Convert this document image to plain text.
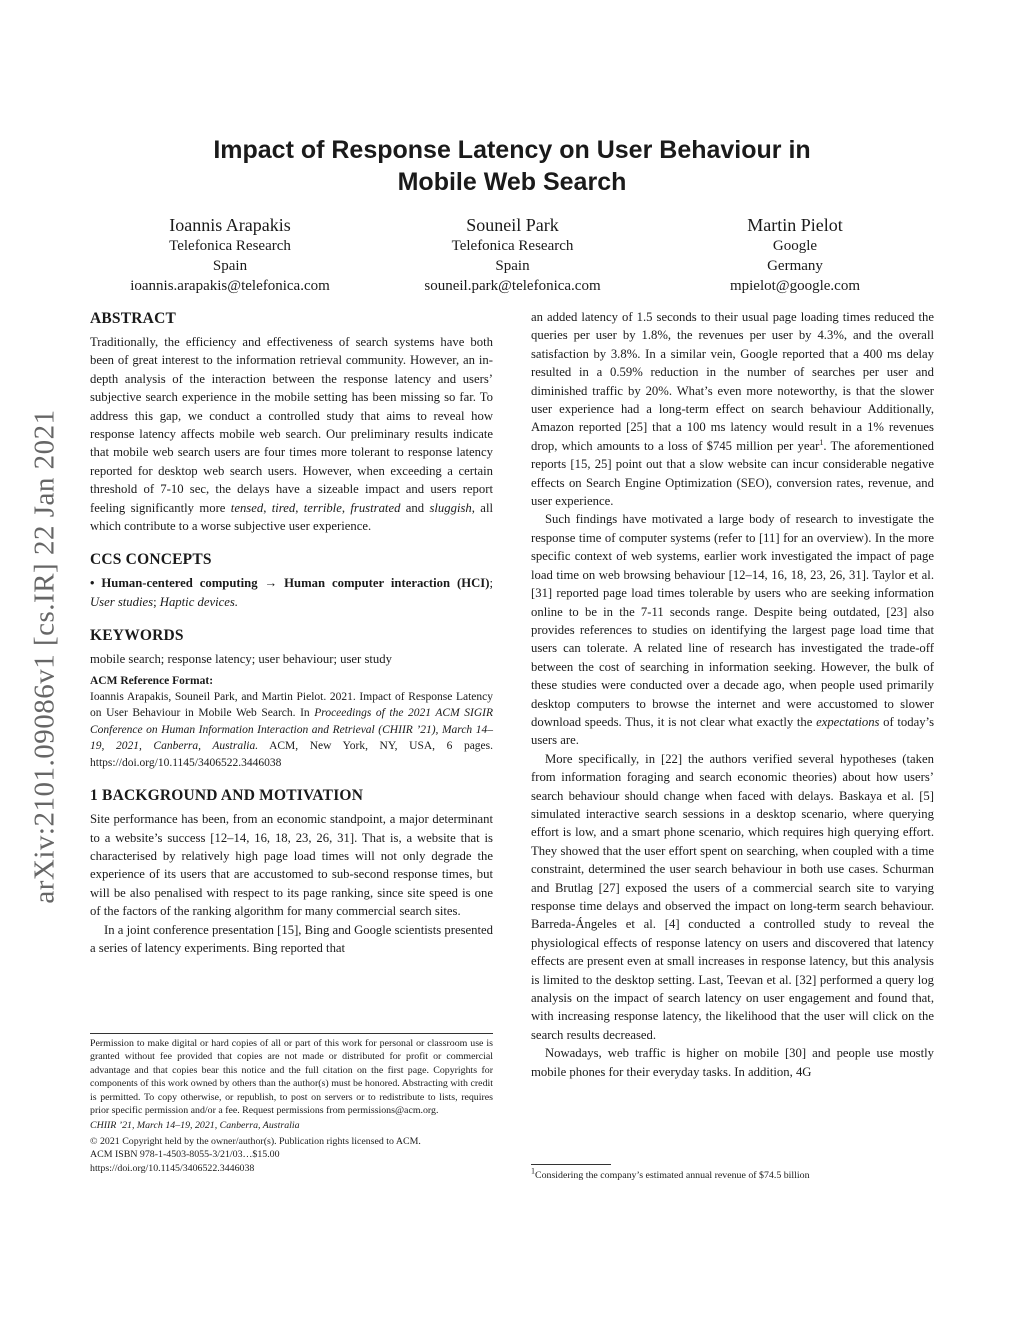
arXiv:2101.09086v1 [cs.IR] 22 Jan 2021
Impact of Response Latency on User Behaviour in
Mobile Web Search
Ioannis Arapakis
Telefonica Research
Spain
ioannis.arapakis@telefonica.com
Souneil Park
Telefonica Research
Spain
souneil.park@telefonica.com
Martin Pielot
Google
Germany
mpielot@google.com
ABSTRACT

Traditionally, the efficiency and effectiveness of search systems have both been of great interest to the information retrieval community. However, an in-depth analysis of the interaction between the response latency and users’ subjective search experience in the mobile setting has been missing so far. To address this gap, we conduct a controlled study that aims to reveal how response latency affects mobile web search. Our preliminary results indicate that mobile web search users are four times more tolerant to response latency reported for desktop web search users. However, when exceeding a certain threshold of 7-10 sec, the delays have a sizeable impact and users report feeling significantly more tensed, tired, terrible, frustrated and sluggish, all which contribute to a worse subjective user experience.

CCS CONCEPTS

• Human-centered computing → Human computer interaction (HCI); User studies; Haptic devices.

KEYWORDS

mobile search; response latency; user behaviour; user study

ACM Reference Format:

Ioannis Arapakis, Souneil Park, and Martin Pielot. 2021. Impact of Response Latency on User Behaviour in Mobile Web Search. In Proceedings of the 2021 ACM SIGIR Conference on Human Information Interaction and Retrieval (CHIIR ’21), March 14–19, 2021, Canberra, Australia. ACM, New York, NY, USA, 6 pages. https://doi.org/10.1145/3406522.3446038

1 BACKGROUND AND MOTIVATION

Site performance has been, from an economic standpoint, a major determinant to a website’s success [12–14, 16, 18, 23, 26, 31]. That is, a website that is characterised by relatively high page load times will not only degrade the experience of its users that are accustomed to sub-second response times, but will be also penalised with respect to its page ranking, since site speed is one of the factors of the ranking algorithm for many commercial search sites.

In a joint conference presentation [15], Bing and Google scientists presented a series of latency experiments. Bing reported that

Permission to make digital or hard copies of all or part of this work for personal or classroom use is granted without fee provided that copies are not made or distributed for profit or commercial advantage and that copies bear this notice and the full citation on the first page. Copyrights for components of this work owned by others than the author(s) must be honored. Abstracting with credit is permitted. To copy otherwise, or republish, to post on servers or to redistribute to lists, requires prior specific permission and/or a fee. Request permissions from permissions@acm.org.

CHIIR ’21, March 14–19, 2021, Canberra, Australia

© 2021 Copyright held by the owner/author(s). Publication rights licensed to ACM.

ACM ISBN 978-1-4503-8055-3/21/03…$15.00

https://doi.org/10.1145/3406522.3446038

an added latency of 1.5 seconds to their usual page loading times reduced the queries per user by 1.8%, the revenues per user by 4.3%, and the overall satisfaction by 3.8%. In a similar vein, Google reported that a 400 ms delay resulted in a 0.59% reduction in the number of searches per user and diminished traffic by 20%. What’s even more noteworthy, is that the slower user experience had a long-term effect on search behaviour Additionally, Amazon reported [25] that a 100 ms latency would result in a 1% revenues drop, which amounts to a loss of $745 million per year$^1$. The aforementioned reports [15, 25] point out that a slow website can incur considerable negative effects on Search Engine Optimization (SEO), conversion rates, revenue, and user experience.

Such findings have motivated a large body of research to investigate the response time of computer systems (refer to [11] for an overview). In the more specific context of web systems, earlier work investigated the impact of page load time on web browsing behaviour [12–14, 16, 18, 23, 26, 31]. Taylor et al. [31] reported page load times tolerable by users who are seeking information online to be in the 7-11 seconds range. Despite being outdated, [23] also provides references to studies on identifying the largest page load time that users can tolerate. A related line of research has investigated the trade-off between the cost of searching in information seeking. However, the bulk of these studies were conducted over a decade ago, when people used primarily desktop computers to browse the internet and were accustomed to slower download speeds. Thus, it is not clear what exactly the expectations of today’s users are.

More specifically, in [22] the authors verified several hypotheses (taken from information foraging and search economic theories) about how users’ search behaviour should change when faced with delays. Baskaya et al. [5] simulated interactive search sessions in a desktop scenario, where querying effort is low, and a smart phone scenario, which requires high querying effort. They showed that the user effort spent on searching, when coupled with a time constraint, determined the user search behaviour in both use cases. Schurman and Brutlag [27] exposed the users of a commercial search site to varying response time delays and observed the impact on long-term search behaviour. Barreda-Ángeles et al. [4] conducted a controlled study to reveal the physiological effects of response latency on users and discovered that latency effects are present even at small increases in response latency, but this analysis is limited to the desktop setting. Last, Teevan et al. [32] performed a query log analysis on the impact of search latency on user engagement and found that, with increasing response latency, the likelihood that the user will click on the search results decreased.

Nowadays, web traffic is higher on mobile [30] and people use mostly mobile phones for their everyday tasks. In addition, 4G

$^1$Considering the company’s estimated annual revenue of $74.5 billion
